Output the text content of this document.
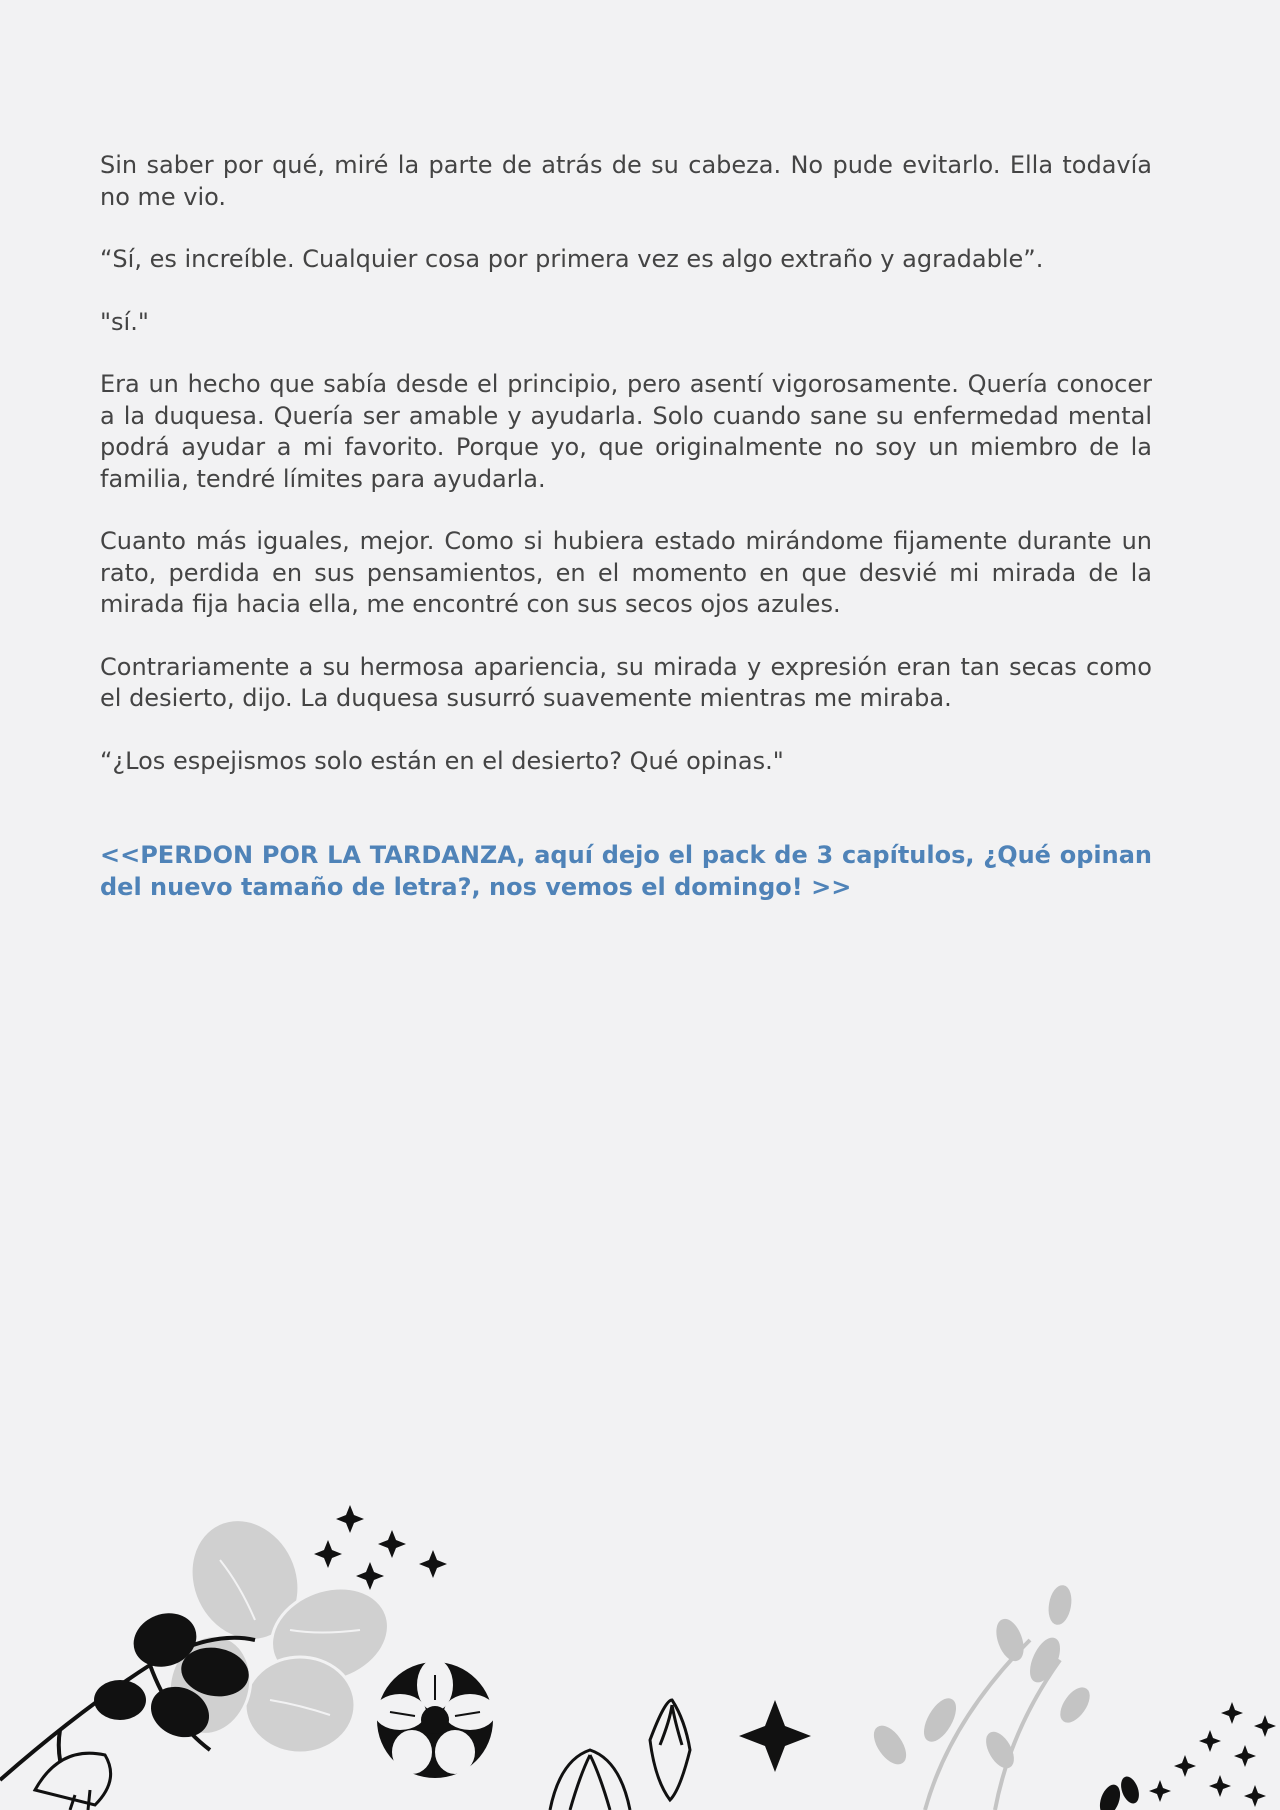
Sin saber por qué, miré la parte de atrás de su cabeza. No pude evitarlo. Ella todavía no me vio.

“Sí, es increíble. Cualquier cosa por primera vez es algo extraño y agradable”.

"sí."

Era un hecho que sabía desde el principio, pero asentí vigorosamente. Quería conocer a la duquesa. Quería ser amable y ayudarla. Solo cuando sane su enfermedad mental podrá ayudar a mi favorito. Porque yo, que originalmente no soy un miembro de la familia, tendré límites para ayudarla.

Cuanto más iguales, mejor. Como si hubiera estado mirándome fijamente durante un rato, perdida en sus pensamientos, en el momento en que desvié mi mirada de la mirada fija hacia ella, me encontré con sus secos ojos azules.

Contrariamente a su hermosa apariencia, su mirada y expresión eran tan secas como el desierto, dijo. La duquesa susurró suavemente mientras me miraba.

“¿Los espejismos solo están en el desierto? Qué opinas."

<<PERDON POR LA TARDANZA, aquí dejo el pack de 3 capítulos, ¿Qué opinan del nuevo tamaño de letra?, nos vemos el domingo! >>
